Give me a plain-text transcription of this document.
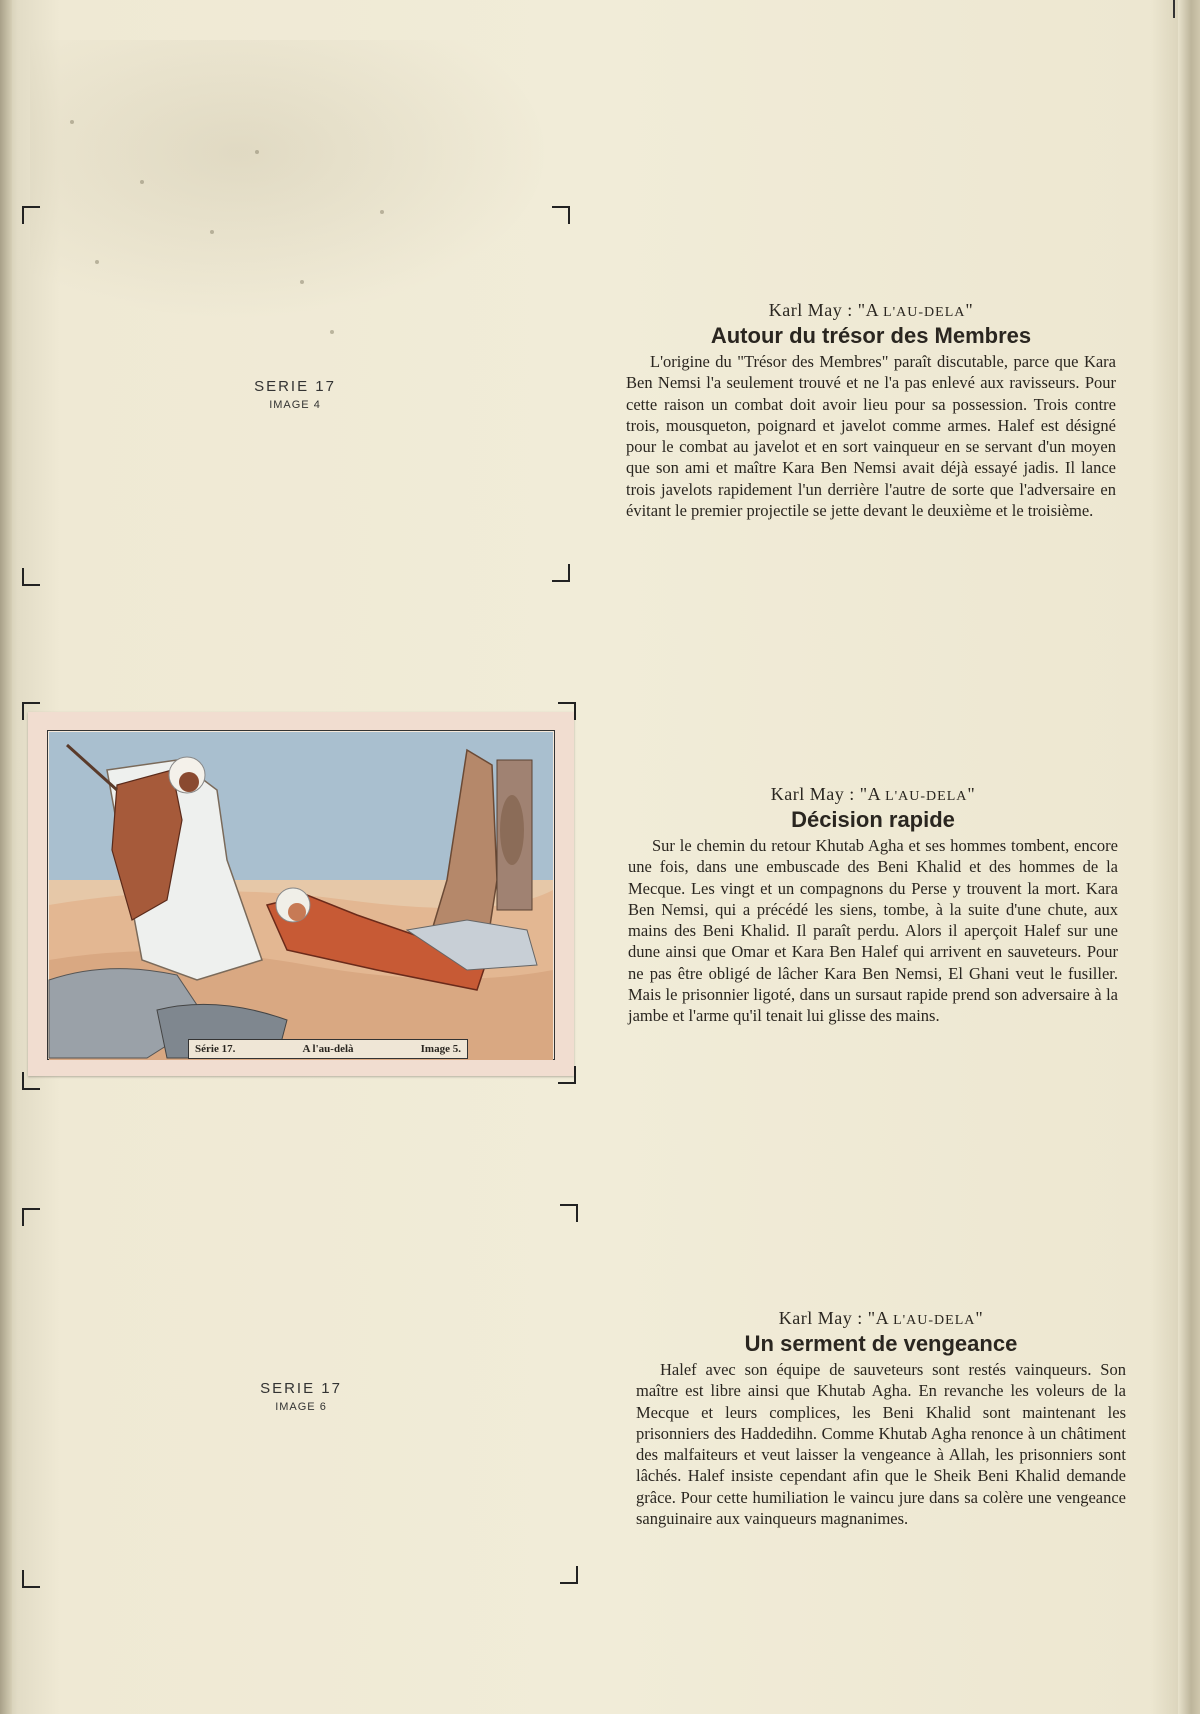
SERIE 17
IMAGE 4
Karl May : "A L'AU-DELA"
Autour du trésor des Membres
L'origine du "Trésor des Membres" paraît discutable, parce que Kara Ben Nemsi l'a seulement trouvé et ne l'a pas enlevé aux ravisseurs. Pour cette raison un combat doit avoir lieu pour sa possession. Trois contre trois, mousqueton, poignard et javelot comme armes. Halef est désigné pour le combat au javelot et en sort vainqueur en se servant d'un moyen que son ami et maître Kara Ben Nemsi avait déjà essayé jadis. Il lance trois javelots rapidement l'un derrière l'autre de sorte que l'adversaire en évitant le premier projectile se jette devant le deuxième et le troisième.
Série 17.	A l'au-delà	Image 5.
Karl May : "A L'AU-DELA"
Décision rapide
Sur le chemin du retour Khutab Agha et ses hommes tombent, encore une fois, dans une embuscade des Beni Khalid et des hommes de la Mecque. Les vingt et un compagnons du Perse y trouvent la mort. Kara Ben Nemsi, qui a précédé les siens, tombe, à la suite d'une chute, aux mains des Beni Khalid. Il paraît perdu. Alors il aperçoit Halef sur une dune ainsi que Omar et Kara Ben Halef qui arrivent en sauveteurs. Pour ne pas être obligé de lâcher Kara Ben Nemsi, El Ghani veut le fusiller. Mais le prisonnier ligoté, dans un sursaut rapide prend son adversaire à la jambe et l'arme qu'il tenait lui glisse des mains.
SERIE 17
IMAGE 6
Karl May : "A L'AU-DELA"
Un serment de vengeance
Halef avec son équipe de sauveteurs sont restés vainqueurs. Son maître est libre ainsi que Khutab Agha. En revanche les voleurs de la Mecque et leurs complices, les Beni Khalid sont maintenant les prisonniers des Haddedihn. Comme Khutab Agha renonce à un châtiment des malfaiteurs et veut laisser la vengeance à Allah, les prisonniers sont lâchés. Halef insiste cependant afin que le Sheik Beni Khalid demande grâce. Pour cette humiliation le vaincu jure dans sa colère une vengeance sanguinaire aux vainqueurs magnanimes.
